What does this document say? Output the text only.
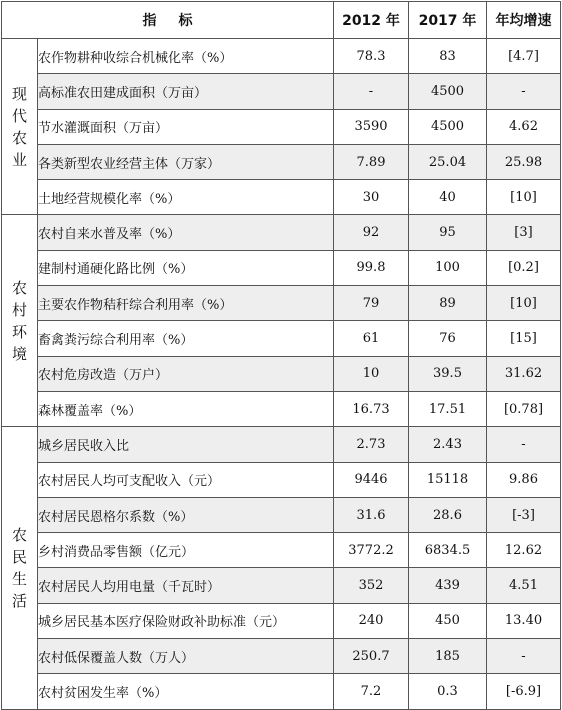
指标		2012 年	2017 年	年均增速
现代农业	农作物耕种收综合机械化率（%）	78.3	83	[4.7]
	高标准农田建成面积（万亩）	-	4500	-
	节水灌溉面积（万亩）	3590	4500	4.62
	各类新型农业经营主体（万家）	7.89	25.04	25.98
	土地经营规模化率（%）	30	40	[10]
农村环境	农村自来水普及率（%）	92	95	[3]
	建制村通硬化路比例（%）	99.8	100	[0.2]
	主要农作物秸秆综合利用率（%）	79	89	[10]
	畜禽粪污综合利用率（%）	61	76	[15]
	农村危房改造（万户）	10	39.5	31.62
	森林覆盖率（%）	16.73	17.51	[0.78]
农民生活	城乡居民收入比	2.73	2.43	-
	农村居民人均可支配收入（元）	9446	15118	9.86
	农村居民恩格尔系数（%）	31.6	28.6	[-3]
	乡村消费品零售额（亿元）	3772.2	6834.5	12.62
	农村居民人均用电量（千瓦时）	352	439	4.51
	城乡居民基本医疗保险财政补助标准（元）	240	450	13.40
	农村低保覆盖人数（万人）	250.7	185	-
	农村贫困发生率（%）	7.2	0.3	[-6.9]
